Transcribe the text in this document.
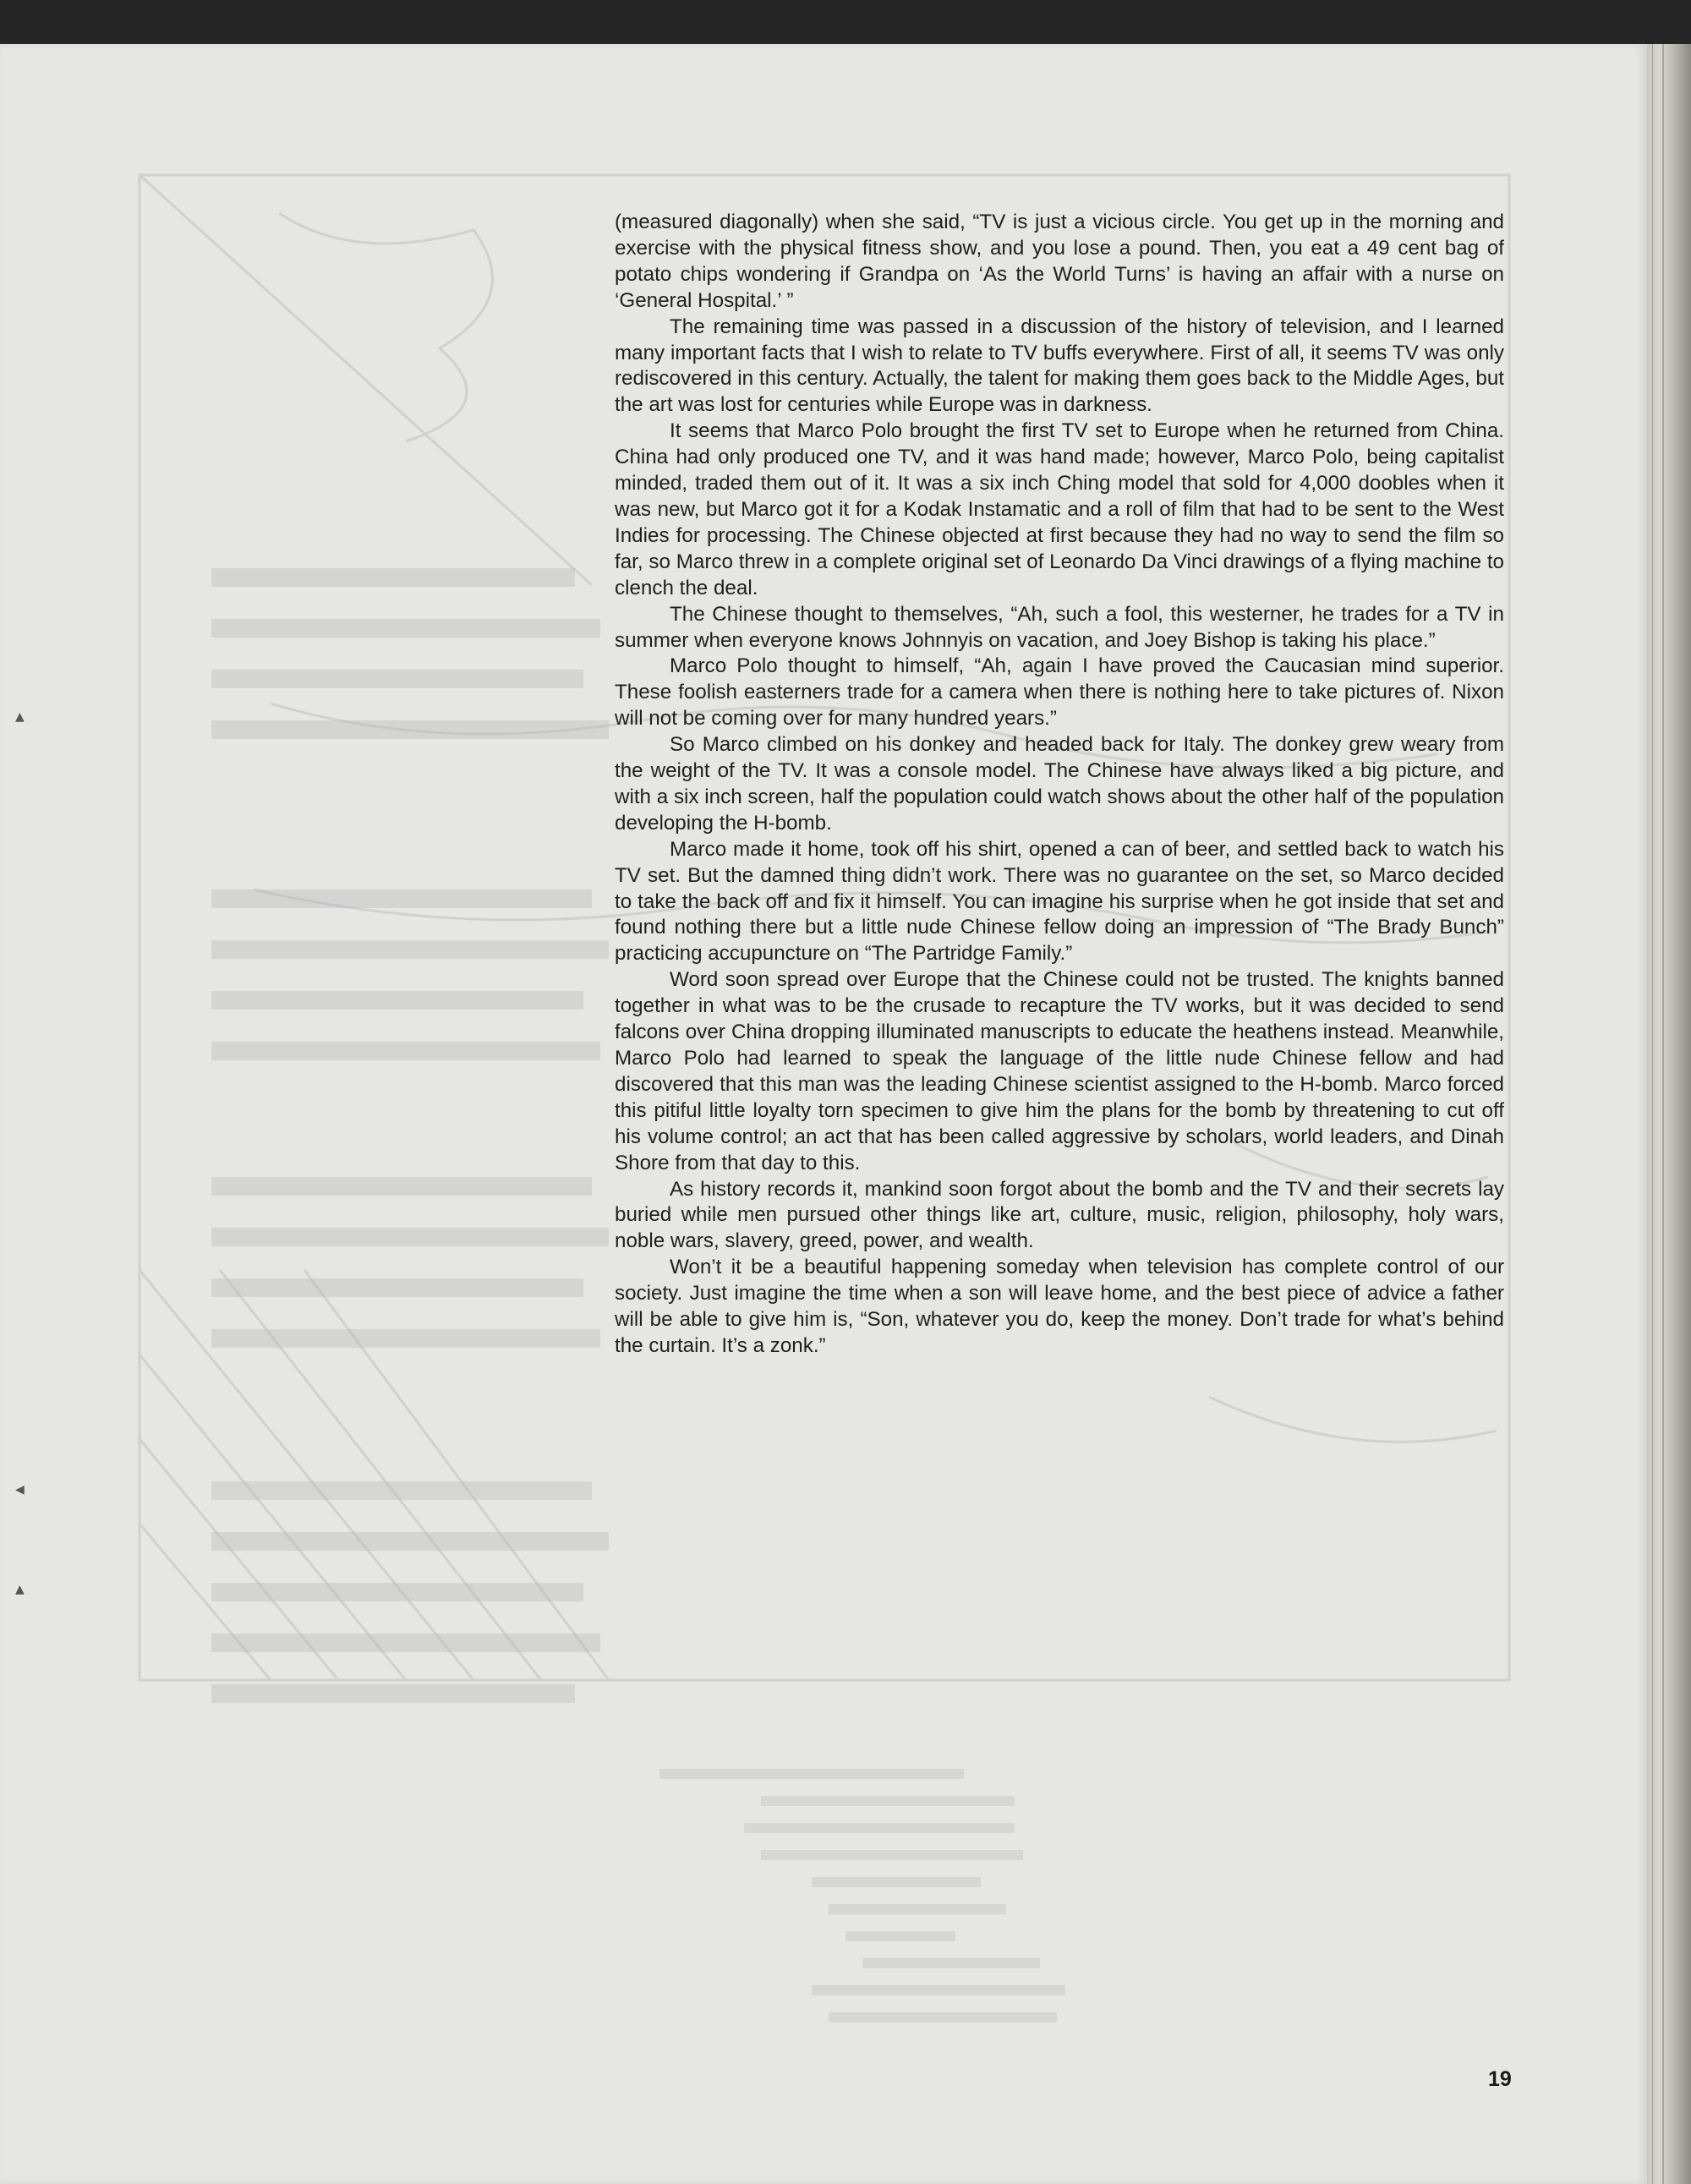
▲
◀
▲

(measured diagonally) when she said, “TV is just a vicious circle. You get up in the morning and exercise with the physical fitness show, and you lose a pound. Then, you eat a 49 cent bag of potato chips wondering if Grandpa on ‘As the World Turns’ is having an affair with a nurse on ‘General Hospital.’ ”

The remaining time was passed in a discussion of the history of television, and I learned many important facts that I wish to relate to TV buffs everywhere. First of all, it seems TV was only rediscovered in this century. Actually, the talent for making them goes back to the Middle Ages, but the art was lost for centuries while Europe was in darkness.

It seems that Marco Polo brought the first TV set to Europe when he returned from China. China had only produced one TV, and it was hand made; however, Marco Polo, being capitalist minded, traded them out of it. It was a six inch Ching model that sold for 4,000 doobles when it was new, but Marco got it for a Kodak Instamatic and a roll of film that had to be sent to the West Indies for processing. The Chinese objected at first because they had no way to send the film so far, so Marco threw in a complete original set of Leonardo Da Vinci drawings of a flying machine to clench the deal.

The Chinese thought to themselves, “Ah, such a fool, this westerner, he trades for a TV in summer when everyone knows Johnnyis on vacation, and Joey Bishop is taking his place.”

Marco Polo thought to himself, “Ah, again I have proved the Caucasian mind superior. These foolish easterners trade for a camera when there is nothing here to take pictures of. Nixon will not be coming over for many hundred years.”

So Marco climbed on his donkey and headed back for Italy. The donkey grew weary from the weight of the TV. It was a console model. The Chinese have always liked a big picture, and with a six inch screen, half the population could watch shows about the other half of the population developing the H-bomb.

Marco made it home, took off his shirt, opened a can of beer, and settled back to watch his TV set. But the damned thing didn’t work. There was no guarantee on the set, so Marco decided to take the back off and fix it himself. You can imagine his surprise when he got inside that set and found nothing there but a little nude Chinese fellow doing an impression of “The Brady Bunch” practicing accupuncture on “The Partridge Family.”

Word soon spread over Europe that the Chinese could not be trusted. The knights banned together in what was to be the crusade to recapture the TV works, but it was decided to send falcons over China dropping illuminated manuscripts to educate the heathens instead. Meanwhile, Marco Polo had learned to speak the language of the little nude Chinese fellow and had discovered that this man was the leading Chinese scientist assigned to the H-bomb. Marco forced this pitiful little loyalty torn specimen to give him the plans for the bomb by threatening to cut off his volume control; an act that has been called aggressive by scholars, world leaders, and Dinah Shore from that day to this.

As history records it, mankind soon forgot about the bomb and the TV and their secrets lay buried while men pursued other things like art, culture, music, religion, philosophy, holy wars, noble wars, slavery, greed, power, and wealth.

Won’t it be a beautiful happening someday when television has complete control of our society. Just imagine the time when a son will leave home, and the best piece of advice a father will be able to give him is, “Son, whatever you do, keep the money. Don’t trade for what’s behind the curtain. It’s a zonk.”

19
